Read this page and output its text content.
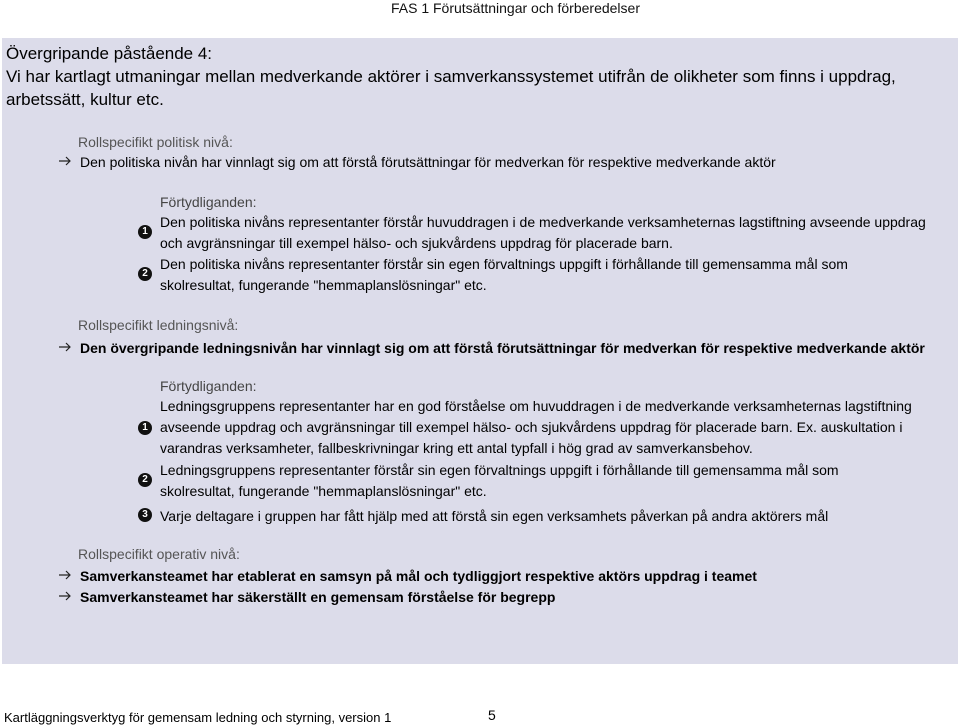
FAS 1 Förutsättningar och förberedelser
Övergripande påstående 4:
Vi har kartlagt utmaningar mellan medverkande aktörer i samverkanssystemet utifrån de olikheter som finns i uppdrag, arbetssätt, kultur etc.
Rollspecifikt politisk nivå:
Den politiska nivån har vinnlagt sig om att förstå förutsättningar för medverkan för respektive medverkande aktör
Förtydliganden:
1
Den politiska nivåns representanter förstår huvuddragen i de medverkande verksamheternas lagstiftning avseende uppdrag och avgränsningar till exempel hälso- och sjukvårdens uppdrag för placerade barn.
2
Den politiska nivåns representanter förstår sin egen förvaltnings uppgift i förhållande till gemensamma mål som skolresultat, fungerande "hemmaplanslösningar" etc.
Rollspecifikt ledningsnivå:
Den övergripande ledningsnivån har vinnlagt sig om att förstå förutsättningar för medverkan för respektive medverkande aktör
Förtydliganden:
1
Ledningsgruppens representanter har en god förståelse om huvuddragen i de medverkande verksamheternas lagstiftning avseende uppdrag och avgränsningar till exempel hälso- och sjukvårdens uppdrag för placerade barn. Ex. auskultation i varandras verksamheter, fallbeskrivningar kring ett antal typfall i hög grad av samverkansbehov.
2
Ledningsgruppens representanter förstår sin egen förvaltnings uppgift i förhållande till gemensamma mål som skolresultat, fungerande "hemmaplanslösningar" etc.
3 Varje deltagare i gruppen har fått hjälp med att förstå sin egen verksamhets påverkan på andra aktörers mål
Rollspecifikt operativ nivå:
Samverkansteamet har etablerat en samsyn på mål och tydliggjort respektive aktörs uppdrag i teamet
Samverkansteamet har säkerställt en gemensam förståelse för begrepp
Kartläggningsverktyg för gemensam ledning och styrning, version 1	5
